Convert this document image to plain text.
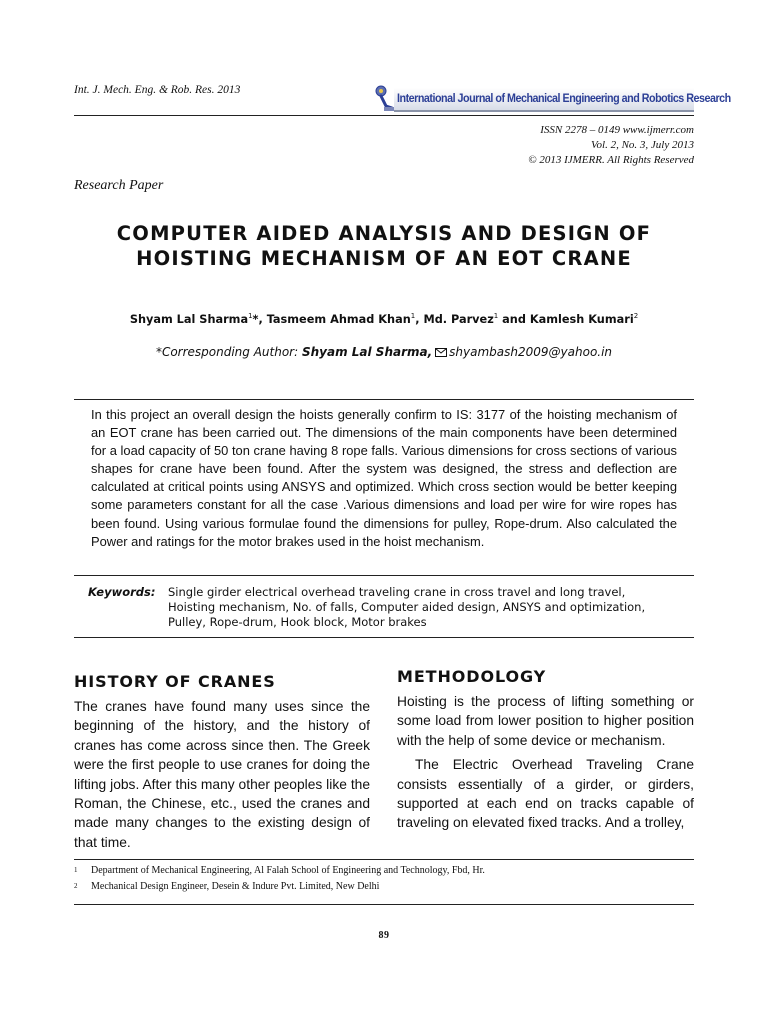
Int. J. Mech. Eng. & Rob. Res. 2013
International Journal of Mechanical Engineering and Robotics Research
ISSN 2278 – 0149 www.ijmerr.com
Vol. 2, No. 3, July 2013
© 2013 IJMERR. All Rights Reserved
Research Paper
COMPUTER AIDED ANALYSIS AND DESIGN OF
HOISTING MECHANISM OF AN EOT CRANE
Shyam Lal Sharma$^1$*, Tasmeem Ahmad Khan$^1$, Md. Parvez$^1$ and Kamlesh Kumari$^2$
*Corresponding Author: Shyam Lal Sharma, shyambash2009@yahoo.in
In this project an overall design the hoists generally confirm to IS: 3177 of the hoisting mechanism of an EOT crane has been carried out. The dimensions of the main components have been determined for a load capacity of 50 ton crane having 8 rope falls. Various dimensions for cross sections of various shapes for crane have been found. After the system was designed, the stress and deflection are calculated at critical points using ANSYS and optimized. Which cross section would be better keeping some parameters constant for all the case .Various dimensions and load per wire for wire ropes has been found. Using various formulae found the dimensions for pulley, Rope-drum. Also calculated the Power and ratings for the motor brakes used in the hoist mechanism.
Keywords: Single girder electrical overhead traveling crane in cross travel and long travel,
Hoisting mechanism, No. of falls, Computer aided design, ANSYS and optimization,
Pulley, Rope-drum, Hook block, Motor brakes
HISTORY OF CRANES
The cranes have found many uses since the beginning of the history, and the history of cranes has come across since then. The Greek were the first people to use cranes for doing the lifting jobs. After this many other peoples like the Roman, the Chinese, etc., used the cranes and made many changes to the existing design of that time.
METHODOLOGY

Hoisting is the process of lifting something or some load from lower position to higher position with the help of some device or mechanism.

The Electric Overhead Traveling Crane consists essentially of a girder, or girders, supported at each end on tracks capable of traveling on elevated fixed tracks. And a trolley,

1 Department of Mechanical Engineering, Al Falah School of Engineering and Technology, Fbd, Hr.
2 Mechanical Design Engineer, Desein & Indure Pvt. Limited, New Delhi
89
